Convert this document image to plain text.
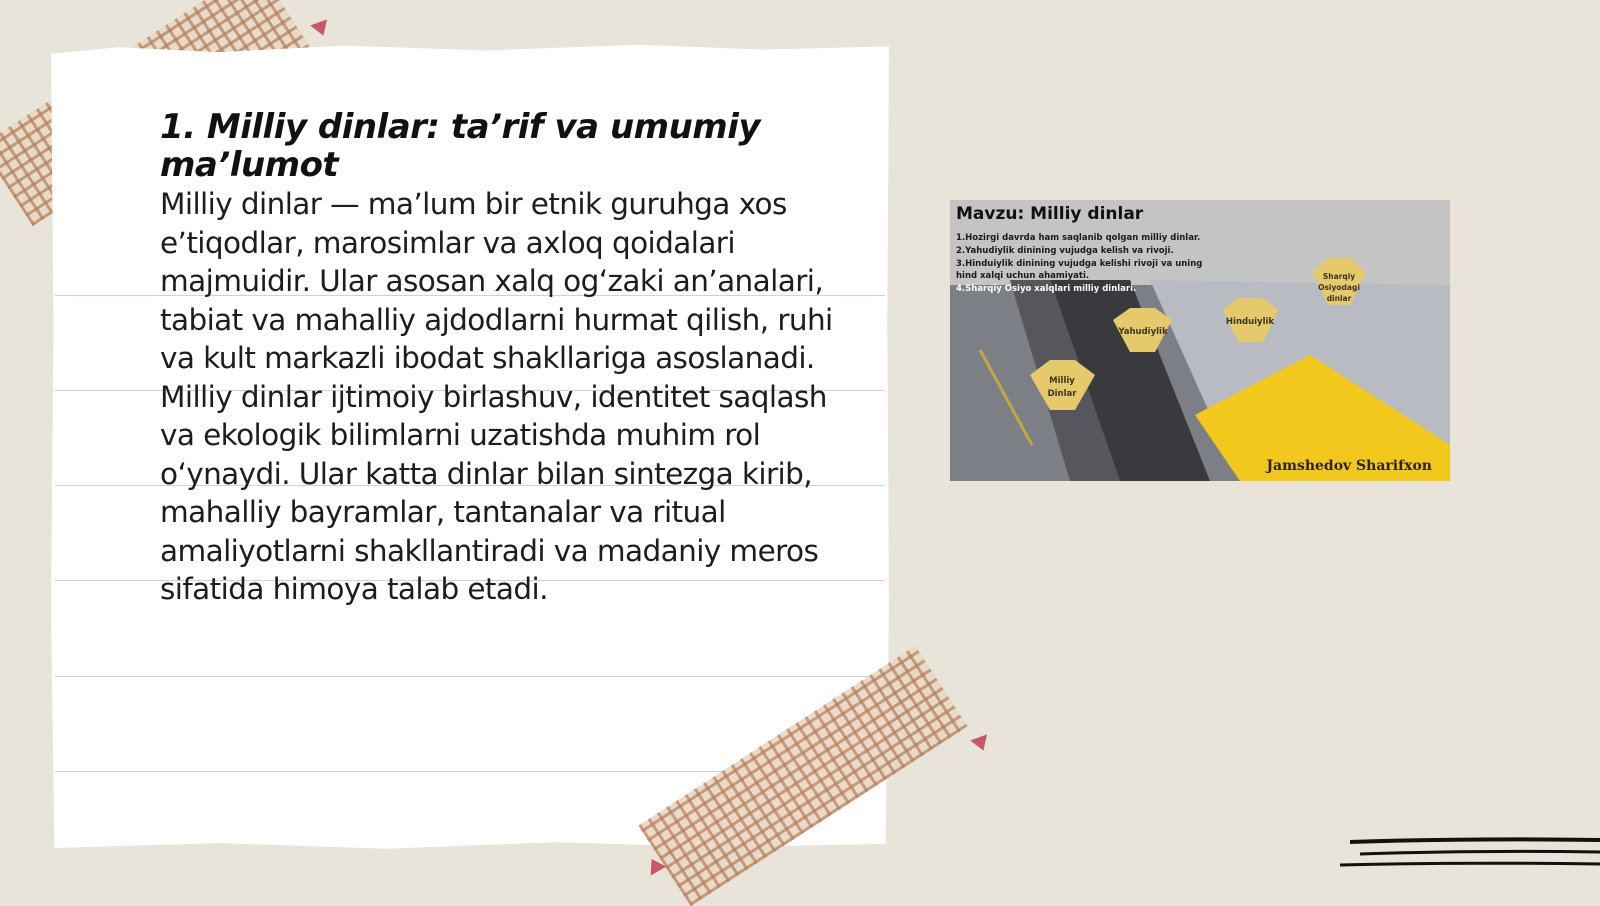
1. Milliy dinlar: ta’rif va umumiy ma’lumot

Milliy dinlar — ma’lum bir etnik guruhga xos e’tiqodlar, marosimlar va axloq qoidalari majmuidir. Ular asosan xalq og‘zaki an’analari, tabiat va mahalliy ajdodlarni hurmat qilish, ruhi va kult markazli ibodat shakllariga asoslanadi. Milliy dinlar ijtimoiy birlashuv, identitet saqlash va ekologik bilimlarni uzatishda muhim rol o‘ynaydi. Ular katta dinlar bilan sintezga kirib, mahalliy bayramlar, tantanalar va ritual amaliyotlarni shakllantiradi va madaniy meros sifatida himoya talab etadi.

Mavzu: Milliy dinlar
1.Hozirgi davrda ham saqlanib qolgan milliy dinlar.
2.Yahudiylik dinining vujudga kelish va rivoji.
3.Hinduiylik dinining vujudga kelishi rivoji va uning
hind xalqi uchun ahamiyati.
4.Sharqiy Osiyo xalqlari milliy dinlari.
Milliy
Dinlar
Yahudiylik
Hinduiylik
Sharqiy
Osiyodagi
dinlar
Jamshedov Sharifxon
